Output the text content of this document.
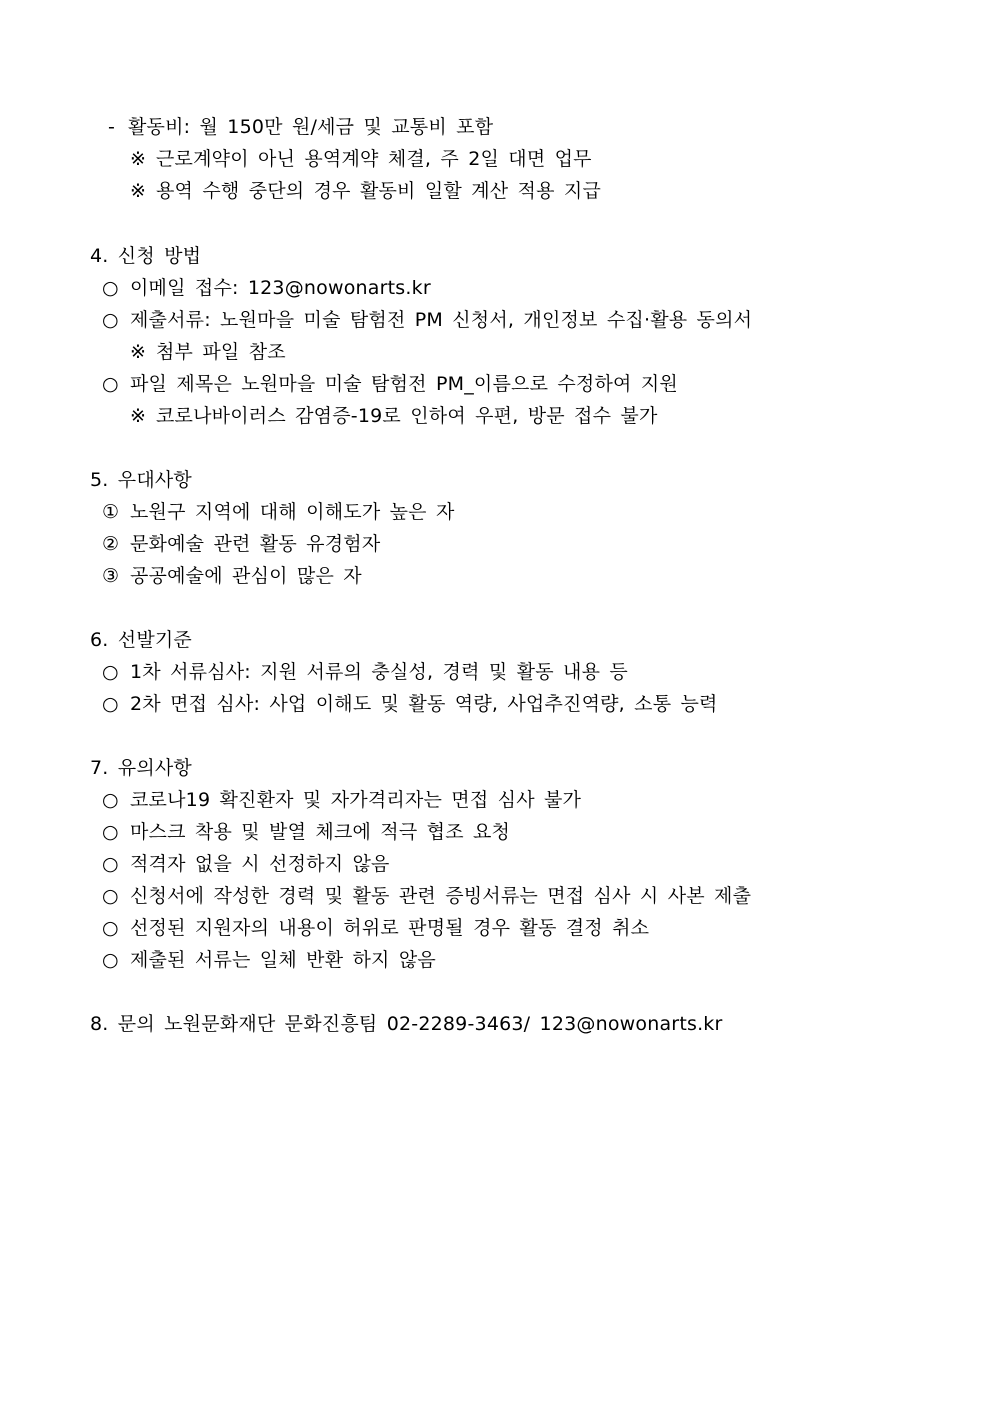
- 활동비: 월 150만 원/세금 및 교통비 포함
※ 근로계약이 아닌 용역계약 체결, 주 2일 대면 업무
※ 용역 수행 중단의 경우 활동비 일할 계산 적용 지급
4. 신청 방법
○ 이메일 접수: 123@nowonarts.kr
○ 제출서류: 노원마을 미술 탐험전 PM 신청서, 개인정보 수집·활용 동의서
※ 첨부 파일 참조
○ 파일 제목은 노원마을 미술 탐험전 PM_이름으로 수정하여 지원
※ 코로나바이러스 감염증-19로 인하여 우편, 방문 접수 불가
5. 우대사항
① 노원구 지역에 대해 이해도가 높은 자
② 문화예술 관련 활동 유경험자
③ 공공예술에 관심이 많은 자
6. 선발기준
○ 1차 서류심사: 지원 서류의 충실성, 경력 및 활동 내용 등
○ 2차 면접 심사: 사업 이해도 및 활동 역량, 사업추진역량, 소통 능력
7. 유의사항
○ 코로나19 확진환자 및 자가격리자는 면접 심사 불가
○ 마스크 착용 및 발열 체크에 적극 협조 요청
○ 적격자 없을 시 선정하지 않음
○ 신청서에 작성한 경력 및 활동 관련 증빙서류는 면접 심사 시 사본 제출
○ 선정된 지원자의 내용이 허위로 판명될 경우 활동 결정 취소
○ 제출된 서류는 일체 반환 하지 않음
8. 문의 노원문화재단 문화진흥팀 02-2289-3463/ 123@nowonarts.kr
